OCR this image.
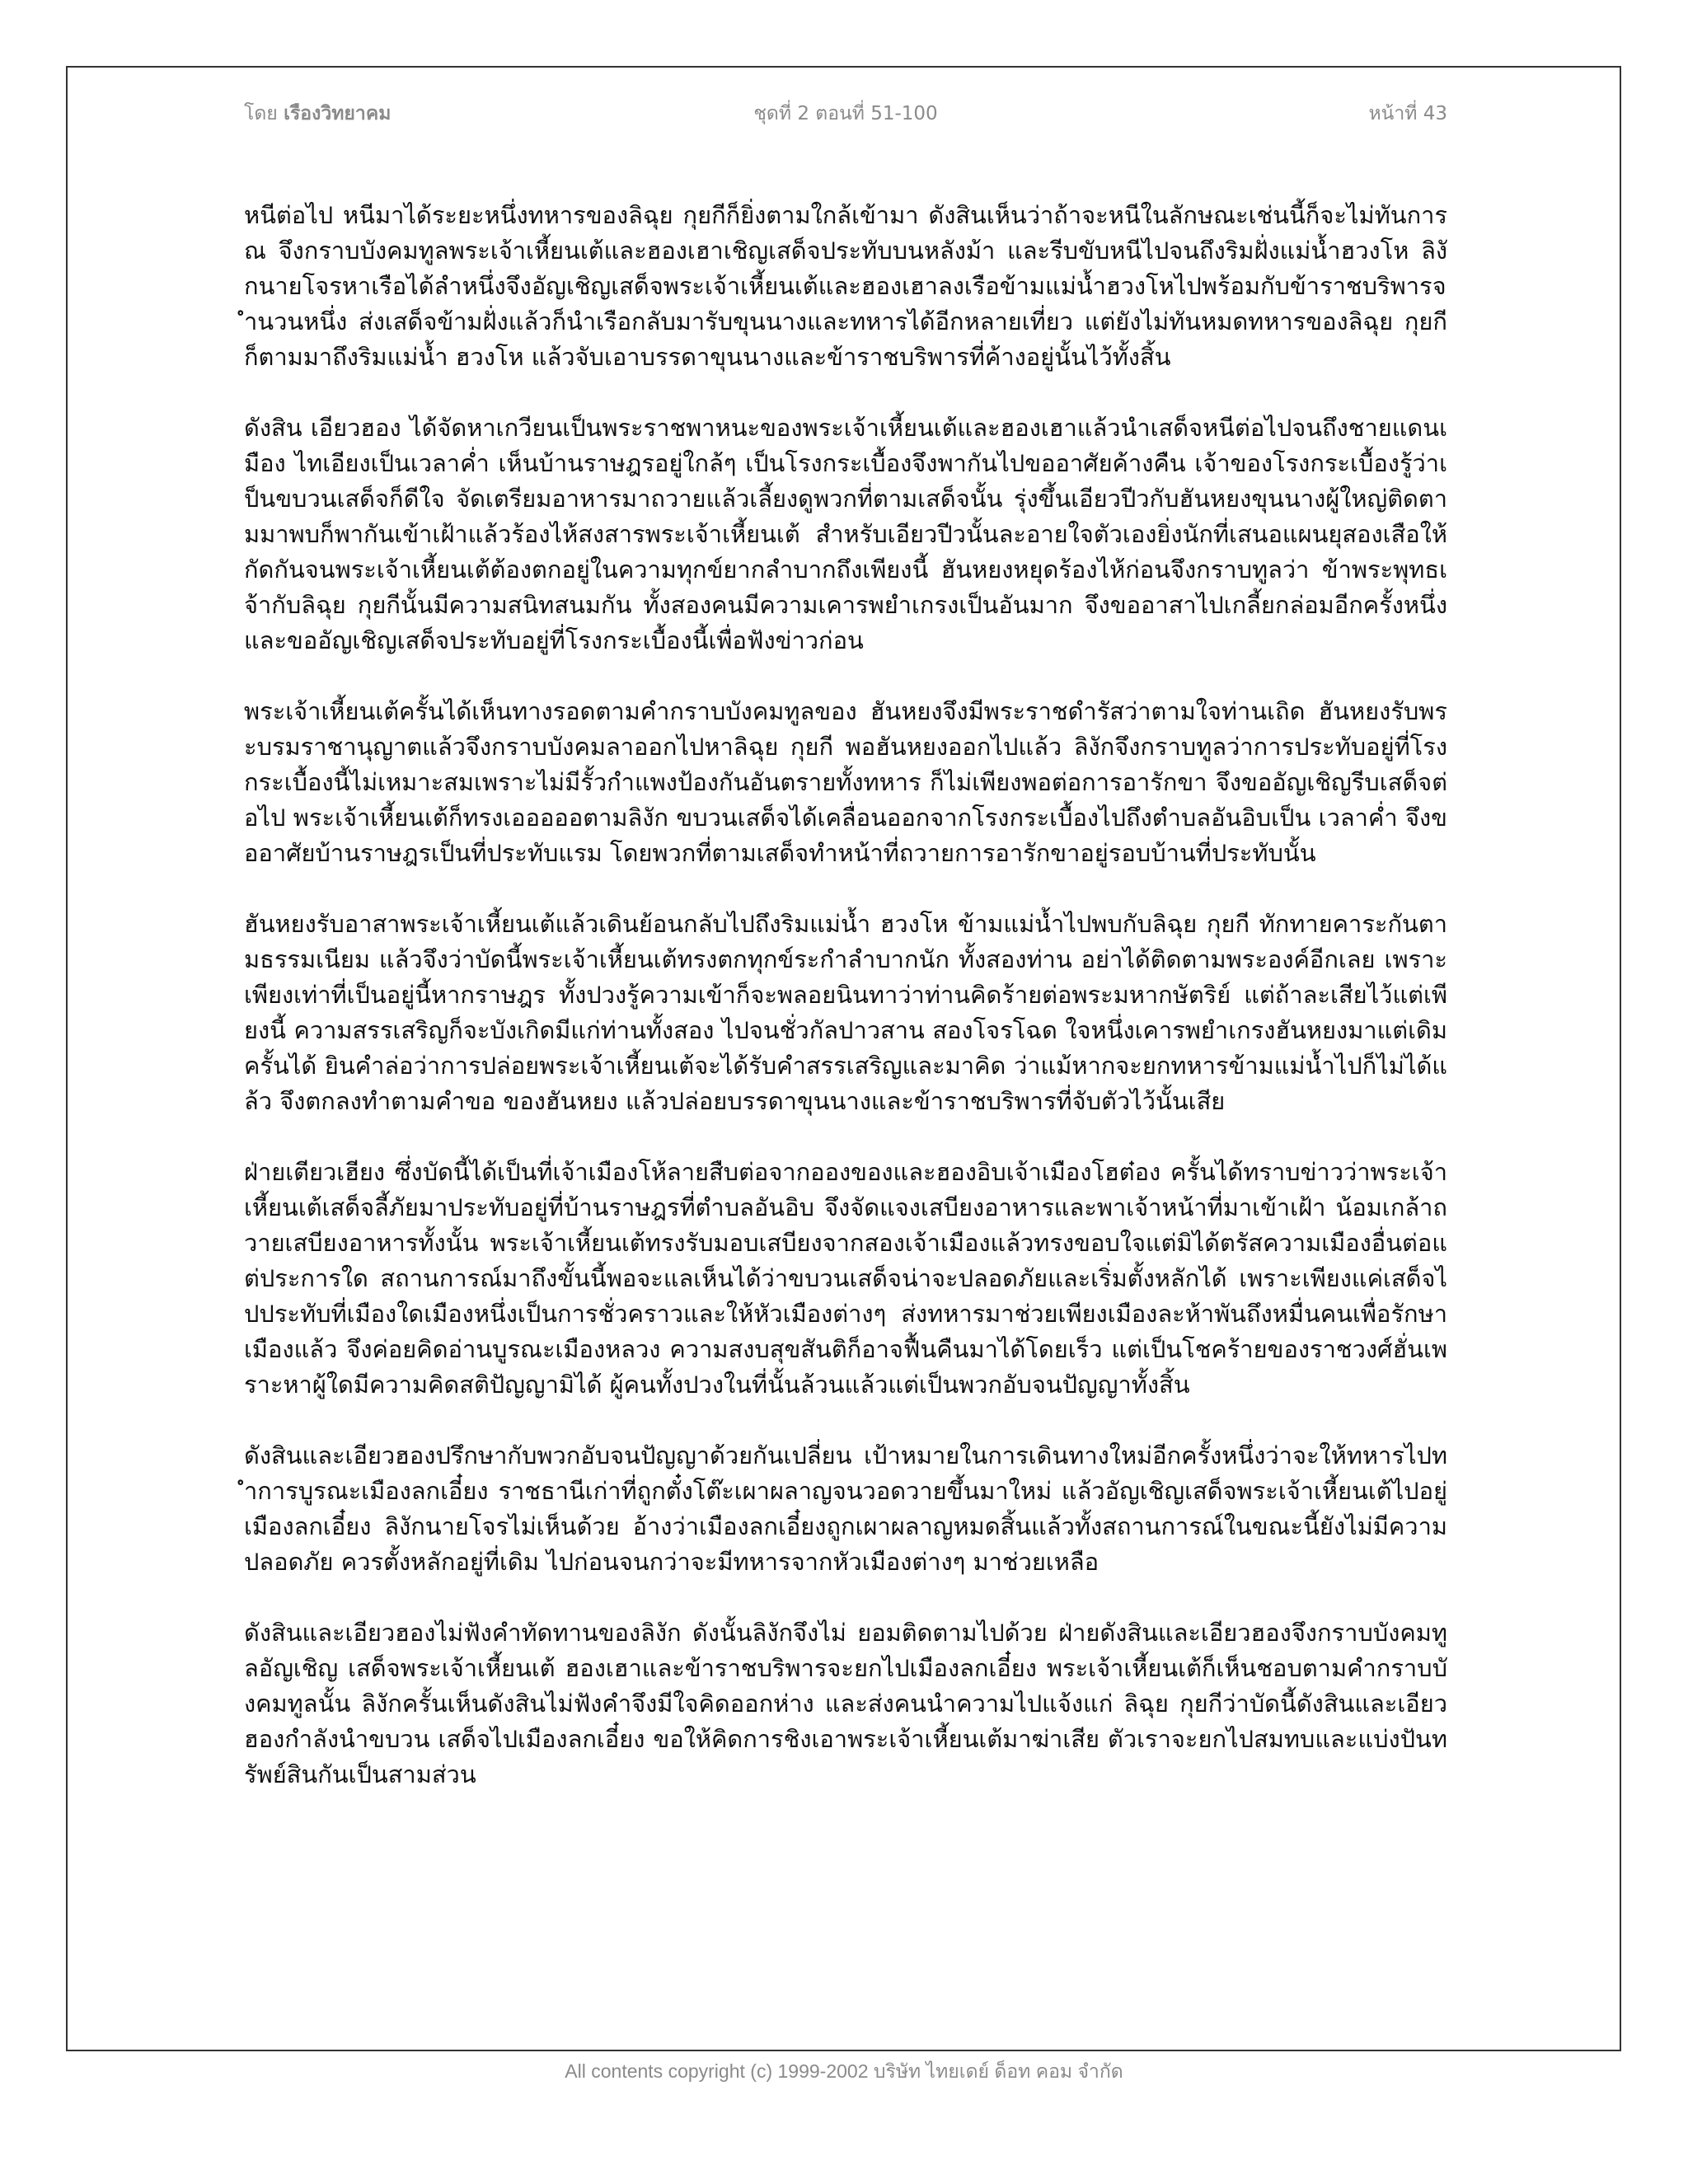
โดย เรืองวิทยาคม	ชุดที่ 2 ตอนที่ 51-100	หน้าที่ 43

หนีต่อไป หนีมาได้ระยะหนึ่งทหารของลิฉุย กุยกีก็ยิ่งตามใกล้เข้ามา ดังสินเห็นว่าถ้าจะหนีในลักษณะเช่นนี้ก็จะไม่ทันการณ จึงกราบบังคมทูลพระเจ้าเหี้ยนเต้และฮองเฮาเชิญเสด็จประทับบนหลังม้า และรีบขับหนีไปจนถึงริมฝั่งแม่น้ำฮวงโห ลิงักนายโจรหาเรือได้ลำหนึ่งจึงอัญเชิญเสด็จพระเจ้าเหี้ยนเต้และฮองเฮาลงเรือข้ามแม่น้ำฮวงโหไปพร้อมกับข้าราชบริพารจำนวนหนึ่ง ส่งเสด็จข้ามฝั่งแล้วก็นำเรือกลับมารับขุนนางและทหารได้อีกหลายเที่ยว แต่ยังไม่ทันหมดทหารของลิฉุย กุยกีก็ตามมาถึงริมแม่น้ำ ฮวงโห แล้วจับเอาบรรดาขุนนางและข้าราชบริพารที่ค้างอยู่นั้นไว้ทั้งสิ้น

ดังสิน เอียวฮอง ได้จัดหาเกวียนเป็นพระราชพาหนะของพระเจ้าเหี้ยนเต้และฮองเฮาแล้วนำเสด็จหนีต่อไปจนถึงชายแดนเมือง ไทเอียงเป็นเวลาค่ำ เห็นบ้านราษฎรอยู่ใกล้ๆ เป็นโรงกระเบื้องจึงพากันไปขออาศัยค้างคืน เจ้าของโรงกระเบื้องรู้ว่าเป็นขบวนเสด็จก็ดีใจ จัดเตรียมอาหารมาถวายแล้วเลี้ยงดูพวกที่ตามเสด็จนั้น รุ่งขึ้นเอียวปีวกับฮันหยงขุนนางผู้ใหญ่ติดตามมาพบก็พากันเข้าเฝ้าแล้วร้องไห้สงสารพระเจ้าเหี้ยนเต้ สำหรับเอียวปีวนั้นละอายใจตัวเองยิ่งนักที่เสนอแผนยุสองเสือให้กัดกันจนพระเจ้าเหี้ยนเต้ต้องตกอยู่ในความทุกข์ยากลำบากถึงเพียงนี้ ฮันหยงหยุดร้องไห้ก่อนจึงกราบทูลว่า ข้าพระพุทธเจ้ากับลิฉุย กุยกีนั้นมีความสนิทสนมกัน ทั้งสองคนมีความเคารพยำเกรงเป็นอันมาก จึงขออาสาไปเกลี้ยกล่อมอีกครั้งหนึ่งและขออัญเชิญเสด็จประทับอยู่ที่โรงกระเบื้องนี้เพื่อฟังข่าวก่อน

พระเจ้าเหี้ยนเต้ครั้นได้เห็นทางรอดตามคำกราบบังคมทูลของ ฮันหยงจึงมีพระราชดำรัสว่าตามใจท่านเถิด ฮันหยงรับพระบรมราชานุญาตแล้วจึงกราบบังคมลาออกไปหาลิฉุย กุยกี พอฮันหยงออกไปแล้ว ลิงักจึงกราบทูลว่าการประทับอยู่ที่โรงกระเบื้องนี้ไม่เหมาะสมเพราะไม่มีรั้วกำแพงป้องกันอันตรายทั้งทหาร ก็ไม่เพียงพอต่อการอารักขา จึงขออัญเชิญรีบเสด็จต่อไป พระเจ้าเหี้ยนเต้ก็ทรงเอออออตามลิงัก ขบวนเสด็จได้เคลื่อนออกจากโรงกระเบื้องไปถึงตำบลอันอิบเป็น เวลาค่ำ จึงขออาศัยบ้านราษฎรเป็นที่ประทับแรม โดยพวกที่ตามเสด็จทำหน้าที่ถวายการอารักขาอยู่รอบบ้านที่ประทับนั้น

ฮันหยงรับอาสาพระเจ้าเหี้ยนเต้แล้วเดินย้อนกลับไปถึงริมแม่น้ำ ฮวงโห ข้ามแม่น้ำไปพบกับลิฉุย กุยกี ทักทายคาระกันตามธรรมเนียม แล้วจึงว่าบัดนี้พระเจ้าเหี้ยนเต้ทรงตกทุกข์ระกำลำบากนัก ทั้งสองท่าน อย่าได้ติดตามพระองค์อีกเลย เพราะเพียงเท่าที่เป็นอยู่นี้หากราษฎร ทั้งปวงรู้ความเข้าก็จะพลอยนินทาว่าท่านคิดร้ายต่อพระมหากษัตริย์ แต่ถ้าละเสียไว้แต่เพียงนี้ ความสรรเสริญก็จะบังเกิดมีแก่ท่านทั้งสอง ไปจนชั่วกัลปาวสาน สองโจรโฉด ใจหนึ่งเคารพยำเกรงฮันหยงมาแต่เดิม ครั้นได้ ยินคำล่อว่าการปล่อยพระเจ้าเหี้ยนเต้จะได้รับคำสรรเสริญและมาคิด ว่าแม้หากจะยกทหารข้ามแม่น้ำไปก็ไม่ได้แล้ว จึงตกลงทำตามคำขอ ของฮันหยง แล้วปล่อยบรรดาขุนนางและข้าราชบริพารที่จับตัวไว้นั้นเสีย

ฝ่ายเตียวเฮียง ซึ่งบัดนี้ได้เป็นที่เจ้าเมืองโห้ลายสืบต่อจากอองของและฮองอิบเจ้าเมืองโฮต๋อง ครั้นได้ทราบข่าวว่าพระเจ้าเหี้ยนเต้เสด็จลี้ภัยมาประทับอยู่ที่บ้านราษฎรที่ตำบลอันอิบ จึงจัดแจงเสบียงอาหารและพาเจ้าหน้าที่มาเข้าเฝ้า น้อมเกล้าถวายเสบียงอาหารทั้งนั้น พระเจ้าเหี้ยนเต้ทรงรับมอบเสบียงจากสองเจ้าเมืองแล้วทรงขอบใจแต่มิได้ตรัสความเมืองอื่นต่อแต่ประการใด สถานการณ์มาถึงขั้นนี้พอจะแลเห็นได้ว่าขบวนเสด็จน่าจะปลอดภัยและเริ่มตั้งหลักได้ เพราะเพียงแค่เสด็จไปประทับที่เมืองใดเมืองหนึ่งเป็นการชั่วคราวและให้หัวเมืองต่างๆ ส่งทหารมาช่วยเพียงเมืองละห้าพันถึงหมื่นคนเพื่อรักษาเมืองแล้ว จึงค่อยคิดอ่านบูรณะเมืองหลวง ความสงบสุขสันติก็อาจฟื้นคืนมาได้โดยเร็ว แต่เป็นโชคร้ายของราชวงศ์ฮั่นเพราะหาผู้ใดมีความคิดสติปัญญามิได้ ผู้คนทั้งปวงในที่นั้นล้วนแล้วแต่เป็นพวกอับจนปัญญาทั้งสิ้น

ดังสินและเอียวฮองปรึกษากับพวกอับจนปัญญาด้วยกันเปลี่ยน เป้าหมายในการเดินทางใหม่อีกครั้งหนึ่งว่าจะให้ทหารไปทำการบูรณะเมืองลกเอี๋ยง ราชธานีเก่าที่ถูกตั๋งโต๊ะเผาผลาญจนวอดวายขึ้นมาใหม่ แล้วอัญเชิญเสด็จพระเจ้าเหี้ยนเต้ไปอยู่เมืองลกเอี๋ยง ลิงักนายโจรไม่เห็นด้วย อ้างว่าเมืองลกเอี๋ยงถูกเผาผลาญหมดสิ้นแล้วทั้งสถานการณ์ในขณะนี้ยังไม่มีความปลอดภัย ควรตั้งหลักอยู่ที่เดิม ไปก่อนจนกว่าจะมีทหารจากหัวเมืองต่างๆ มาช่วยเหลือ

ดังสินและเอียวฮองไม่ฟังคำทัดทานของลิงัก ดังนั้นลิงักจึงไม่ ยอมติดตามไปด้วย ฝ่ายดังสินและเอียวฮองจึงกราบบังคมทูลอัญเชิญ เสด็จพระเจ้าเหี้ยนเต้ ฮองเฮาและข้าราชบริพารจะยกไปเมืองลกเอี๋ยง พระเจ้าเหี้ยนเต้ก็เห็นชอบตามคำกราบบังคมทูลนั้น ลิงักครั้นเห็นดังสินไม่ฟังคำจึงมีใจคิดออกห่าง และส่งคนนำความไปแจ้งแก่ ลิฉุย กุยกีว่าบัดนี้ดังสินและเอียวฮองกำลังนำขบวน เสด็จไปเมืองลกเอี๋ยง ขอให้คิดการชิงเอาพระเจ้าเหี้ยนเต้มาฆ่าเสีย ตัวเราจะยกไปสมทบและแบ่งปันทรัพย์สินกันเป็นสามส่วน

All contents copyright (c) 1999-2002 บริษัท ไทยเดย์ ด็อท คอม จำกัด
